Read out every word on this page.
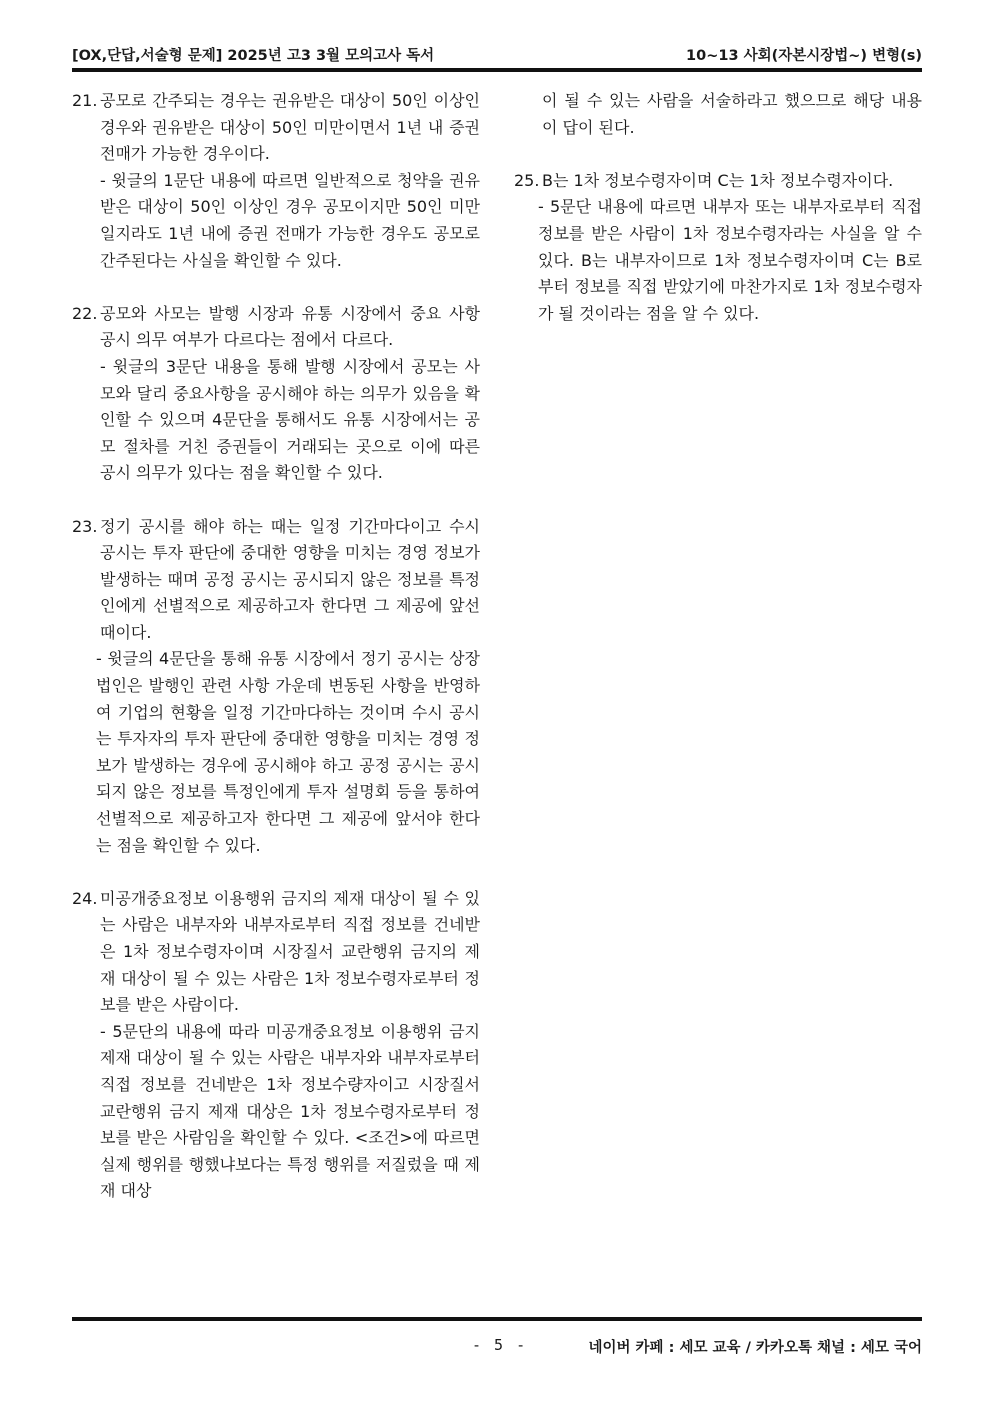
[OX,단답,서술형 문제] 2025년 고3 3월 모의고사 독서	10~13 사회(자본시장법~) 변형(s)
21. 공모로 간주되는 경우는 권유받은 대상이 50인 이상인 경우와 권유받은 대상이 50인 미만이면서 1년 내 증권 전매가 가능한 경우이다.
- 윗글의 1문단 내용에 따르면 일반적으로 청약을 권유받은 대상이 50인 이상인 경우 공모이지만 50인 미만일지라도 1년 내에 증권 전매가 가능한 경우도 공모로 간주된다는 사실을 확인할 수 있다.
22. 공모와 사모는 발행 시장과 유통 시장에서 중요 사항 공시 의무 여부가 다르다는 점에서 다르다.
- 윗글의 3문단 내용을 통해 발행 시장에서 공모는 사모와 달리 중요사항을 공시해야 하는 의무가 있음을 확인할 수 있으며 4문단을 통해서도 유통 시장에서는 공모 절차를 거친 증권들이 거래되는 곳으로 이에 따른 공시 의무가 있다는 점을 확인할 수 있다.
23. 정기 공시를 해야 하는 때는 일정 기간마다이고 수시 공시는 투자 판단에 중대한 영향을 미치는 경영 정보가 발생하는 때며 공정 공시는 공시되지 않은 정보를 특정인에게 선별적으로 제공하고자 한다면 그 제공에 앞선 때이다.
- 윗글의 4문단을 통해 유통 시장에서 정기 공시는 상장 법인은 발행인 관련 사항 가운데 변동된 사항을 반영하여 기업의 현황을 일정 기간마다하는 것이며 수시 공시는 투자자의 투자 판단에 중대한 영향을 미치는 경영 정보가 발생하는 경우에 공시해야 하고 공정 공시는 공시되지 않은 정보를 특정인에게 투자 설명회 등을 통하여 선별적으로 제공하고자 한다면 그 제공에 앞서야 한다는 점을 확인할 수 있다.
24. 미공개중요정보 이용행위 금지의 제재 대상이 될 수 있는 사람은 내부자와 내부자로부터 직접 정보를 건네받은 1차 정보수령자이며 시장질서 교란행위 금지의 제재 대상이 될 수 있는 사람은 1차 정보수령자로부터 정보를 받은 사람이다.
- 5문단의 내용에 따라 미공개중요정보 이용행위 금지 제재 대상이 될 수 있는 사람은 내부자와 내부자로부터 직접 정보를 건네받은 1차 정보수량자이고 시장질서 교란행위 금지 제재 대상은 1차 정보수령자로부터 정보를 받은 사람임을 확인할 수 있다. <조건>에 따르면 실제 행위를 행했냐보다는 특정 행위를 저질렀을 때 제재 대상
이 될 수 있는 사람을 서술하라고 했으므로 해당 내용이 답이 된다.
25. B는 1차 정보수령자이며 C는 1차 정보수령자이다.
- 5문단 내용에 따르면 내부자 또는 내부자로부터 직접 정보를 받은 사람이 1차 정보수령자라는 사실을 알 수 있다. B는 내부자이므로 1차 정보수령자이며 C는 B로부터 정보를 직접 받았기에 마찬가지로 1차 정보수령자가 될 것이라는 점을 알 수 있다.
- 5 -	네이버 카페 : 세모 교육 / 카카오톡 채널 : 세모 국어
